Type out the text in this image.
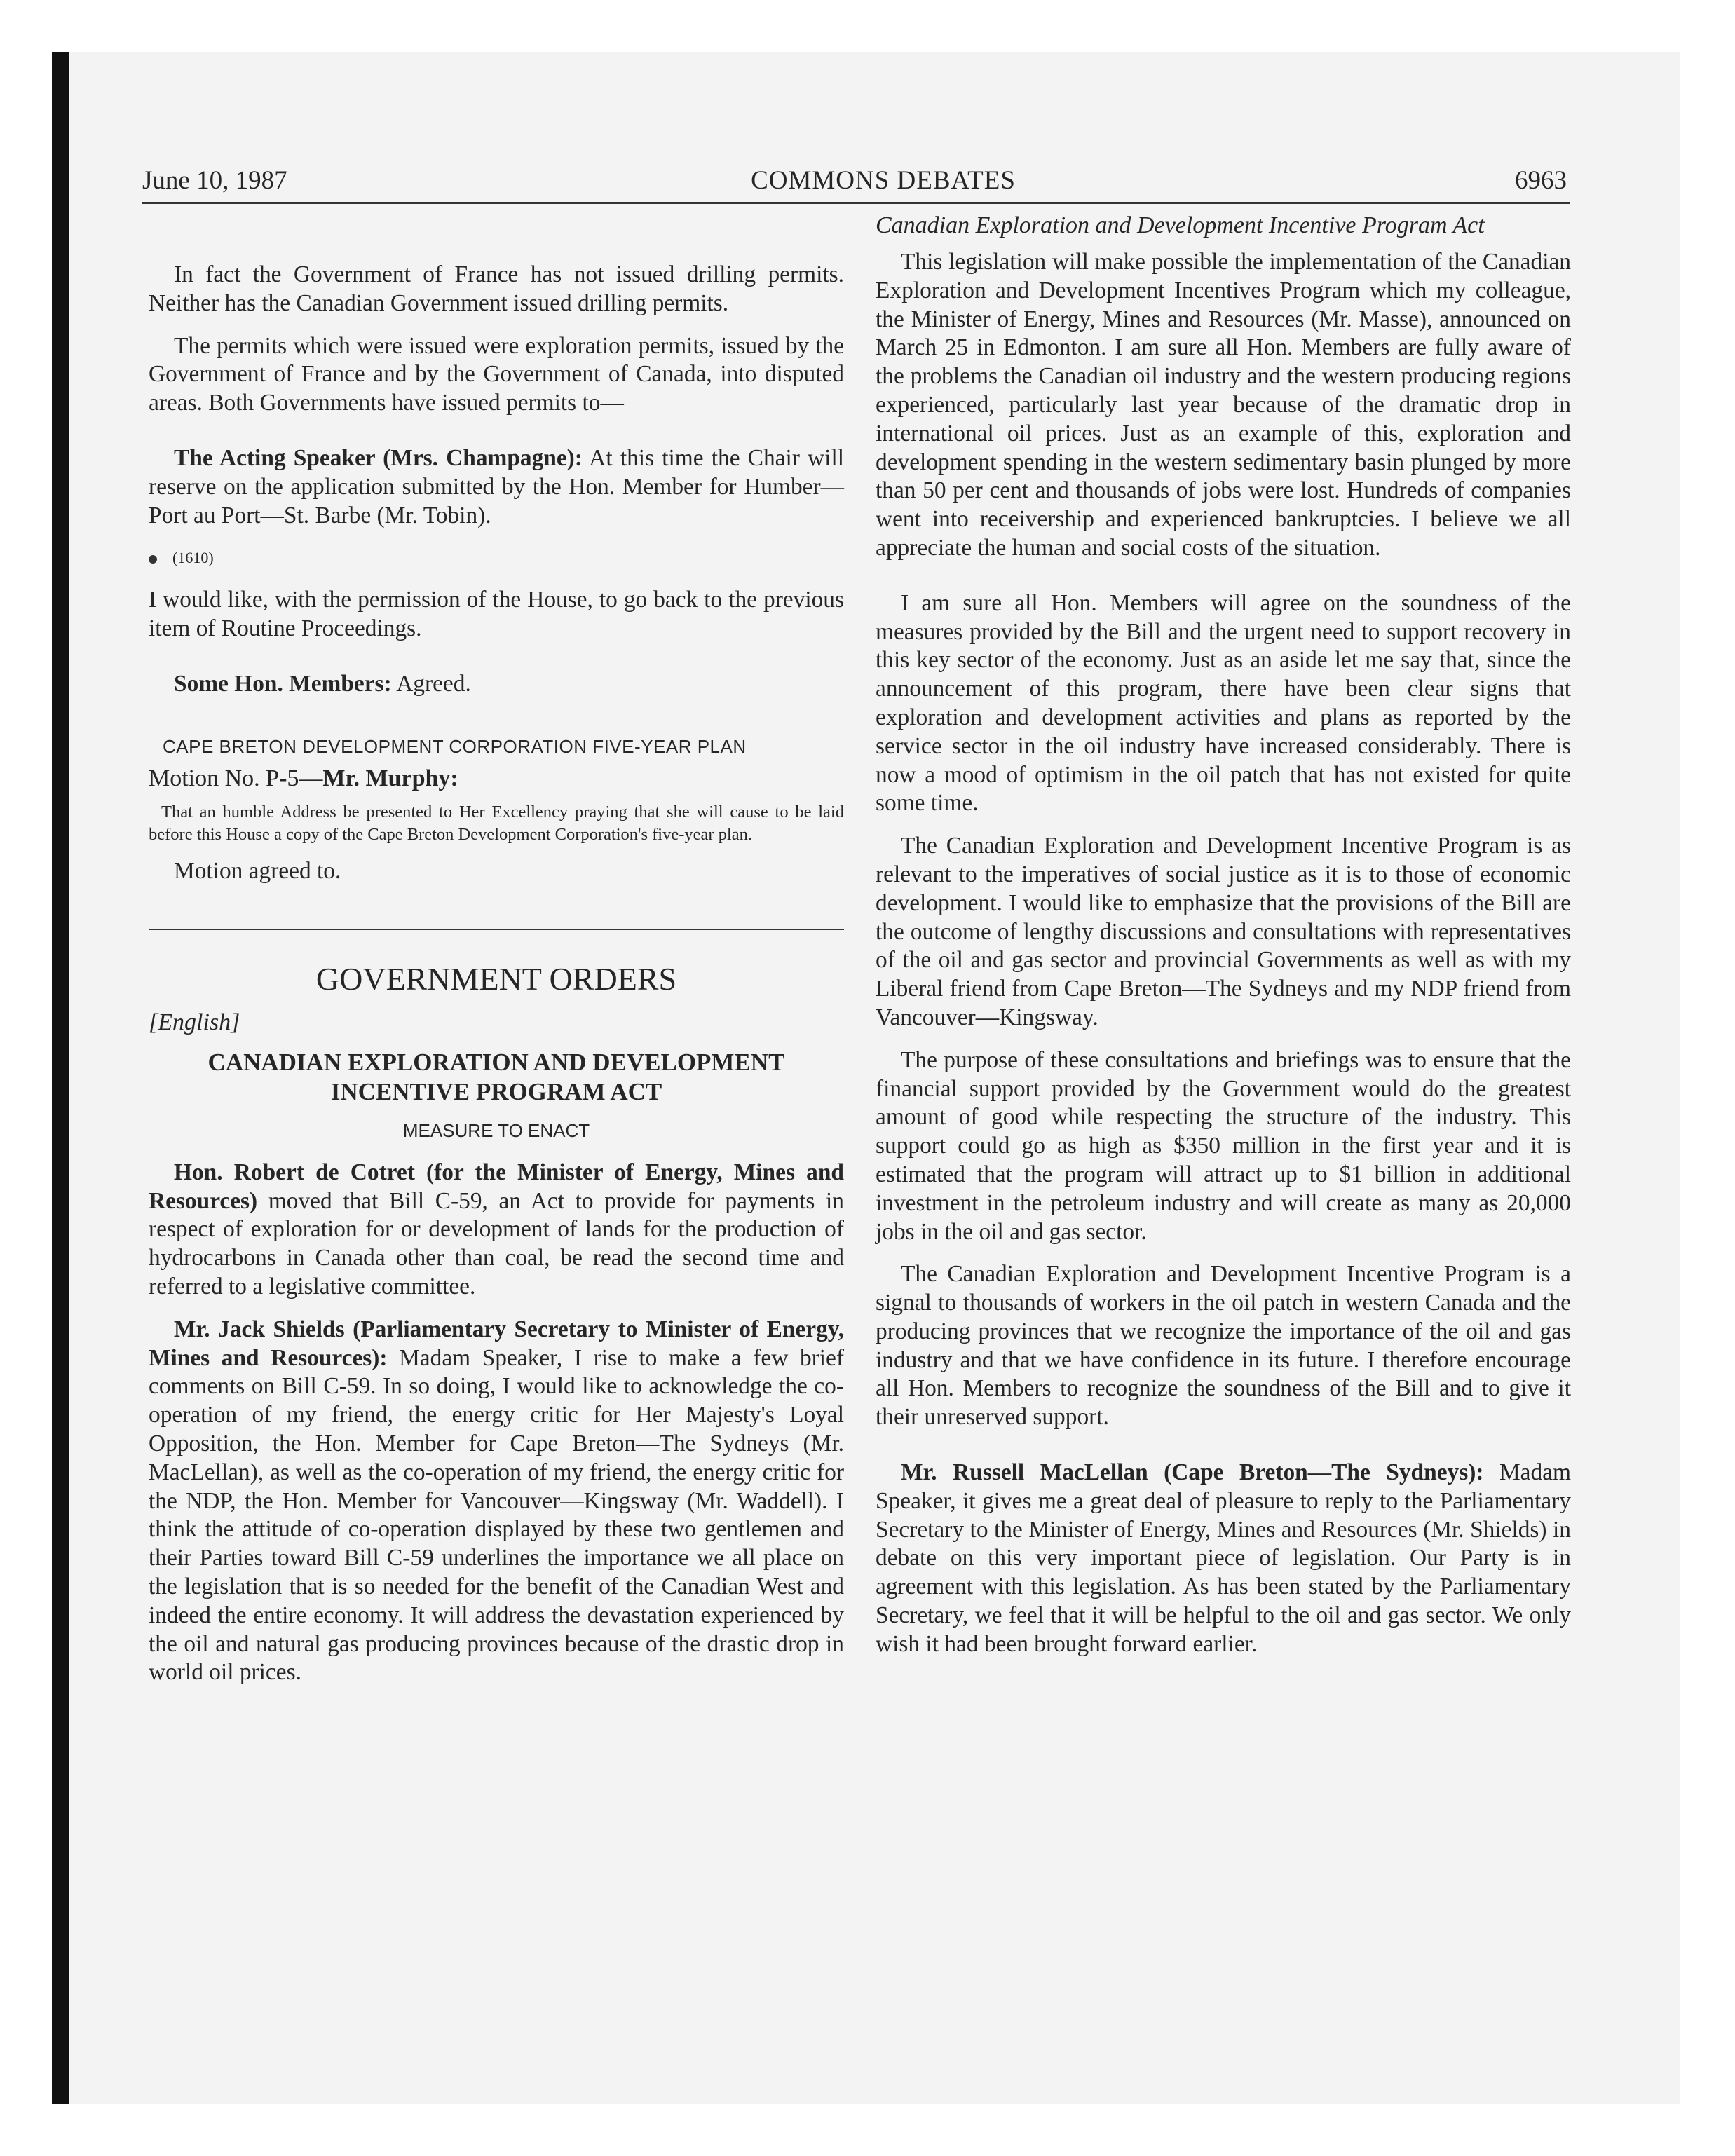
June 10, 1987	COMMONS DEBATES	6963

In fact the Government of France has not issued drilling permits. Neither has the Canadian Government issued drilling permits.

The permits which were issued were exploration permits, issued by the Government of France and by the Government of Canada, into disputed areas. Both Governments have issued permits to—

The Acting Speaker (Mrs. Champagne): At this time the Chair will reserve on the application submitted by the Hon. Member for Humber—Port au Port—St. Barbe (Mr. Tobin).

(1610)

I would like, with the permission of the House, to go back to the previous item of Routine Proceedings.

Some Hon. Members: Agreed.

CAPE BRETON DEVELOPMENT CORPORATION FIVE-YEAR PLAN

Motion No. P-5—Mr. Murphy:

That an humble Address be presented to Her Excellency praying that she will cause to be laid before this House a copy of the Cape Breton Development Corporation's five-year plan.

Motion agreed to.

GOVERNMENT ORDERS
[English]
CANADIAN EXPLORATION AND DEVELOPMENT INCENTIVE PROGRAM ACT
MEASURE TO ENACT

Hon. Robert de Cotret (for the Minister of Energy, Mines and Resources) moved that Bill C-59, an Act to provide for payments in respect of exploration for or development of lands for the production of hydrocarbons in Canada other than coal, be read the second time and referred to a legislative committee.

Mr. Jack Shields (Parliamentary Secretary to Minister of Energy, Mines and Resources): Madam Speaker, I rise to make a few brief comments on Bill C-59. In so doing, I would like to acknowledge the co-operation of my friend, the energy critic for Her Majesty's Loyal Opposition, the Hon. Member for Cape Breton—The Sydneys (Mr. MacLellan), as well as the co-operation of my friend, the energy critic for the NDP, the Hon. Member for Vancouver—Kingsway (Mr. Waddell). I think the attitude of co-operation displayed by these two gentlemen and their Parties toward Bill C-59 underlines the importance we all place on the legislation that is so needed for the benefit of the Canadian West and indeed the entire economy. It will address the devastation experienced by the oil and natural gas producing provinces because of the drastic drop in world oil prices.

Canadian Exploration and Development Incentive Program Act

This legislation will make possible the implementation of the Canadian Exploration and Development Incentives Program which my colleague, the Minister of Energy, Mines and Resources (Mr. Masse), announced on March 25 in Edmonton. I am sure all Hon. Members are fully aware of the problems the Canadian oil industry and the western producing regions experienced, particularly last year because of the dramatic drop in international oil prices. Just as an example of this, exploration and development spending in the western sedimentary basin plunged by more than 50 per cent and thousands of jobs were lost. Hundreds of companies went into receivership and experienced bankruptcies. I believe we all appreciate the human and social costs of the situation.

I am sure all Hon. Members will agree on the soundness of the measures provided by the Bill and the urgent need to support recovery in this key sector of the economy. Just as an aside let me say that, since the announcement of this program, there have been clear signs that exploration and development activities and plans as reported by the service sector in the oil industry have increased considerably. There is now a mood of optimism in the oil patch that has not existed for quite some time.

The Canadian Exploration and Development Incentive Program is as relevant to the imperatives of social justice as it is to those of economic development. I would like to emphasize that the provisions of the Bill are the outcome of lengthy discussions and consultations with representatives of the oil and gas sector and provincial Governments as well as with my Liberal friend from Cape Breton—The Sydneys and my NDP friend from Vancouver—Kingsway.

The purpose of these consultations and briefings was to ensure that the financial support provided by the Government would do the greatest amount of good while respecting the structure of the industry. This support could go as high as $350 million in the first year and it is estimated that the program will attract up to $1 billion in additional investment in the petroleum industry and will create as many as 20,000 jobs in the oil and gas sector.

The Canadian Exploration and Development Incentive Program is a signal to thousands of workers in the oil patch in western Canada and the producing provinces that we recognize the importance of the oil and gas industry and that we have confidence in its future. I therefore encourage all Hon. Members to recognize the soundness of the Bill and to give it their unreserved support.

Mr. Russell MacLellan (Cape Breton—The Sydneys): Madam Speaker, it gives me a great deal of pleasure to reply to the Parliamentary Secretary to the Minister of Energy, Mines and Resources (Mr. Shields) in debate on this very important piece of legislation. Our Party is in agreement with this legislation. As has been stated by the Parliamentary Secretary, we feel that it will be helpful to the oil and gas sector. We only wish it had been brought forward earlier.
